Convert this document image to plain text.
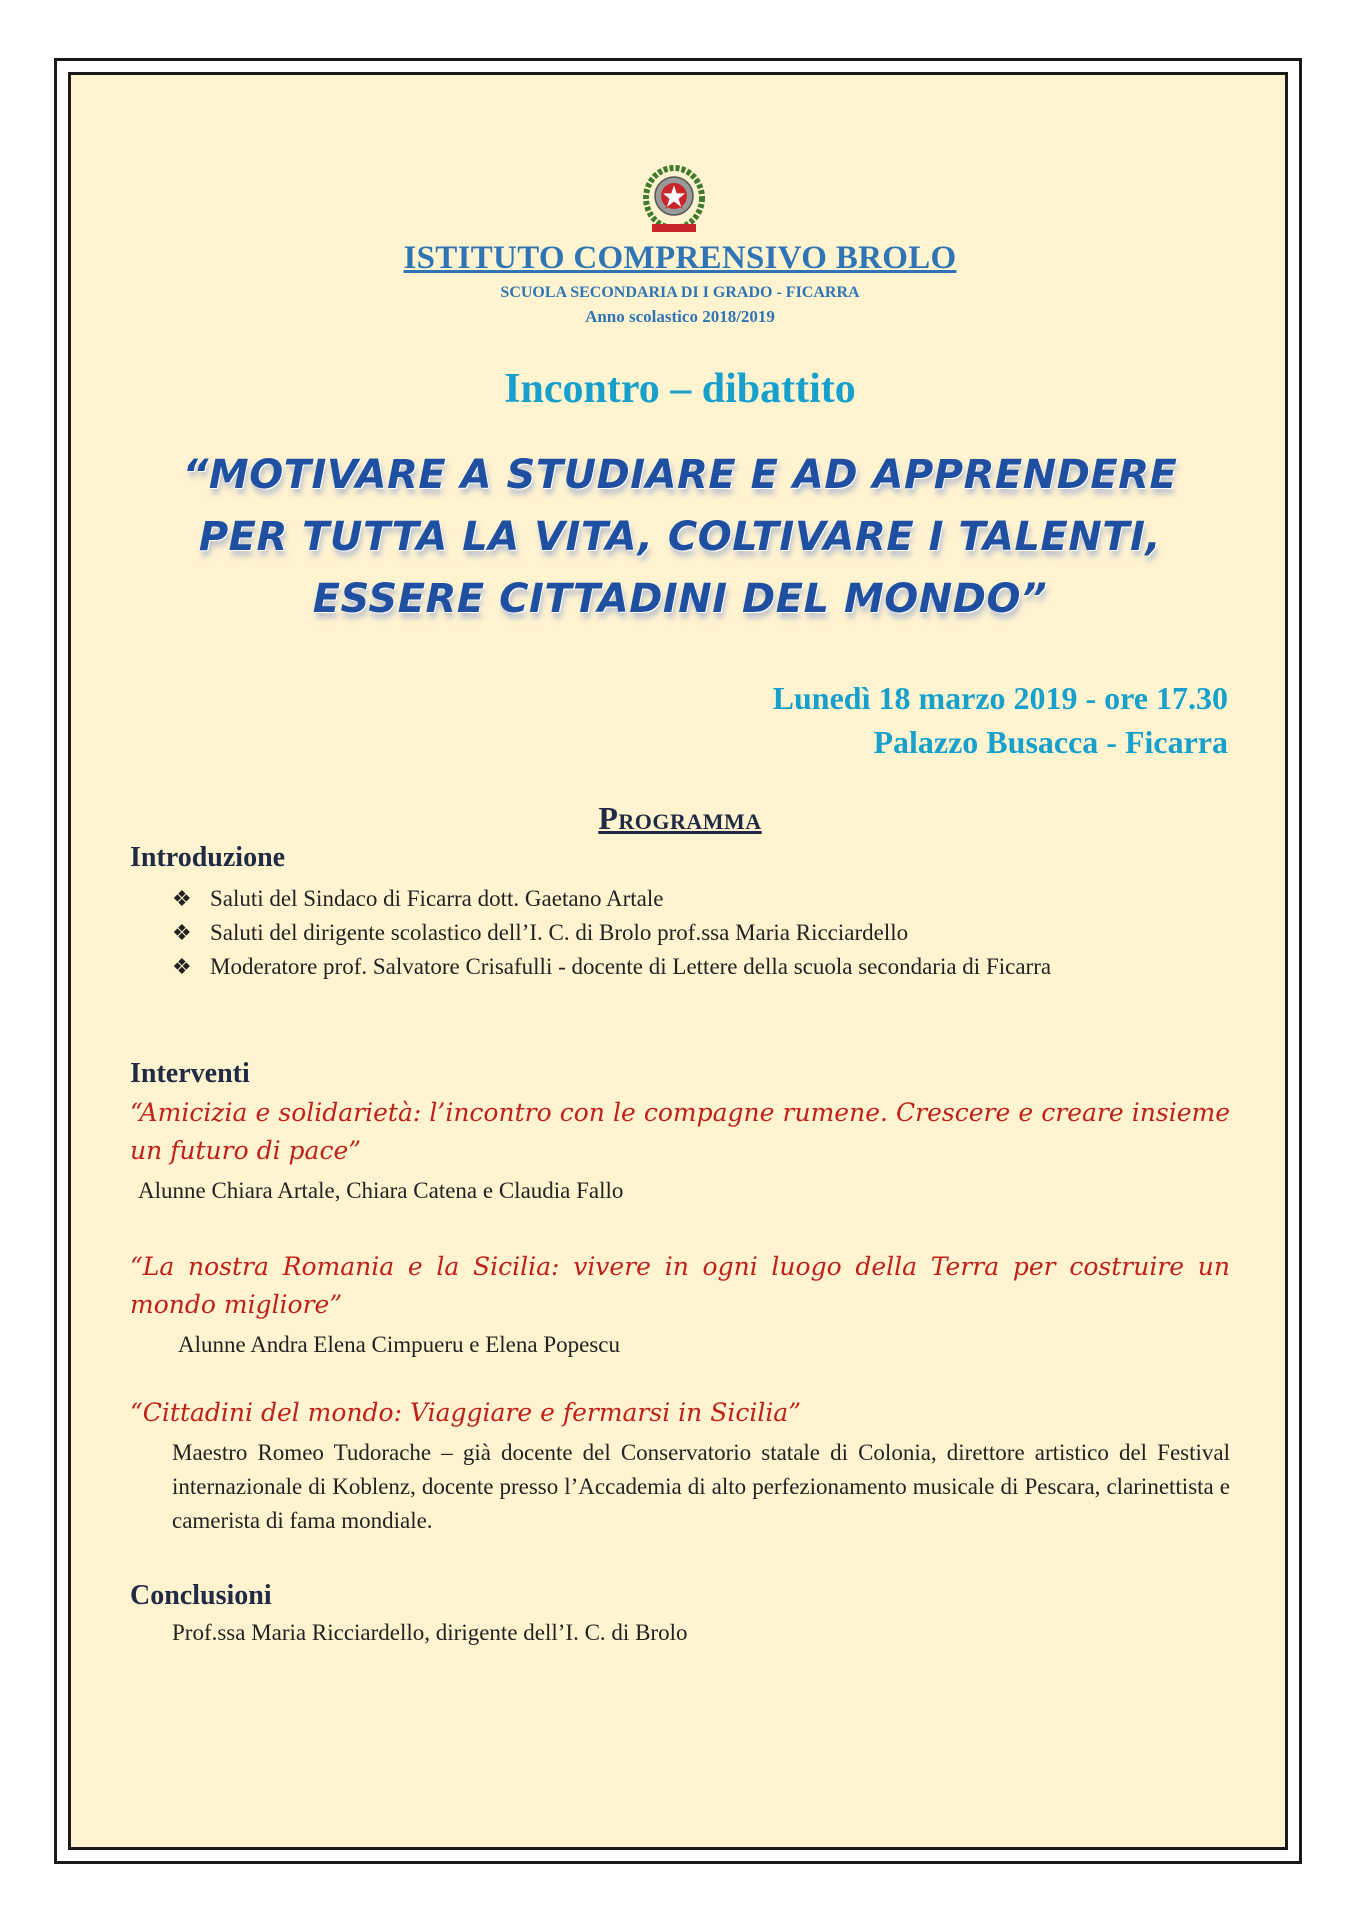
ISTITUTO COMPRENSIVO BROLO
SCUOLA SECONDARIA DI I GRADO - FICARRA
Anno scolastico 2018/2019
Incontro – dibattito
“MOTIVARE A STUDIARE E AD APPRENDERE
PER TUTTA LA VITA, COLTIVARE I TALENTI,
ESSERE CITTADINI DEL MONDO”
Lunedì 18 marzo 2019 - ore 17.30
Palazzo Busacca - Ficarra
Programma
Introduzione
❖ Saluti del Sindaco di Ficarra dott. Gaetano Artale
❖ Saluti del dirigente scolastico dell’I. C. di Brolo prof.ssa Maria Ricciardello
❖ Moderatore prof. Salvatore Crisafulli - docente di Lettere della scuola secondaria di Ficarra
Interventi
“Amicizia e solidarietà: l’incontro con le compagne rumene. Crescere e creare insieme un futuro di pace”
Alunne Chiara Artale, Chiara Catena e Claudia Fallo
“La nostra Romania e la Sicilia: vivere in ogni luogo della Terra per costruire un mondo migliore”
Alunne Andra Elena Cimpueru e Elena Popescu
“Cittadini del mondo: Viaggiare e fermarsi in Sicilia”
Maestro Romeo Tudorache – già docente del Conservatorio statale di Colonia, direttore artistico del Festival internazionale di Koblenz, docente presso l’Accademia di alto perfezionamento musicale di Pescara, clarinettista e camerista di fama mondiale.
Conclusioni
Prof.ssa Maria Ricciardello, dirigente dell’I. C. di Brolo
